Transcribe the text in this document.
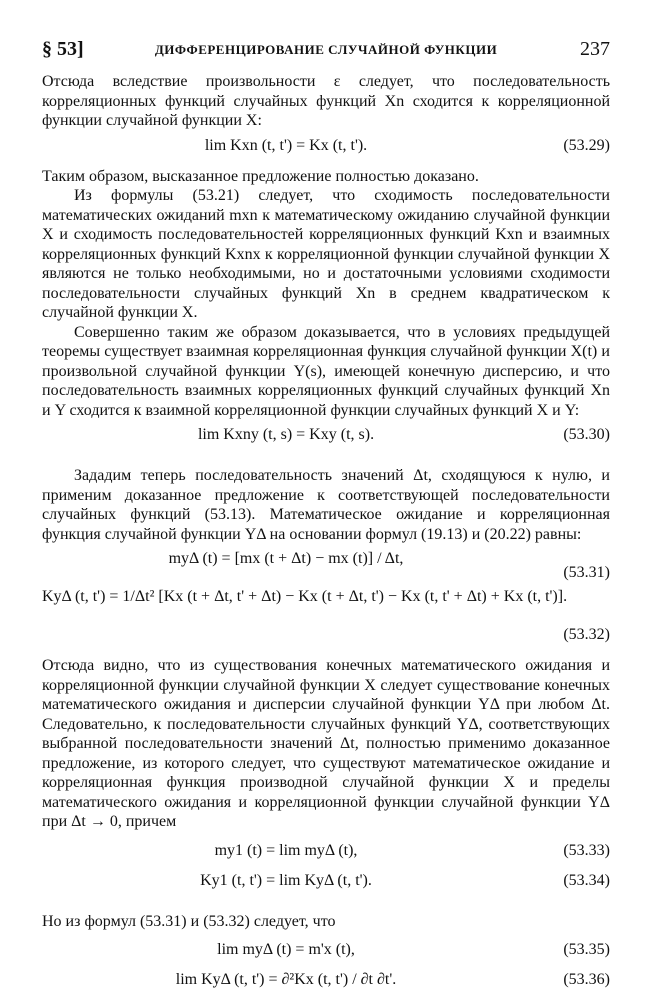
§ 53]	ДИФФЕРЕНЦИРОВАНИЕ СЛУЧАЙНОЙ ФУНКЦИИ	237

Отсюда вследствие произвольности ε следует, что последовательность корреляционных функций случайных функций Xn сходится к корреляционной функции случайной функции X:

lim Kxn (t, t') = Kx (t, t').	(53.29)

Таким образом, высказанное предложение полностью доказано.

Из формулы (53.21) следует, что сходимость последовательности математических ожиданий mxn к математическому ожиданию случайной функции X и сходимость последовательностей корреляционных функций Kxn и взаимных корреляционных функций Kxnx к корреляционной функции случайной функции X являются не только необходимыми, но и достаточными условиями сходимости последовательности случайных функций Xn в среднем квадратическом к случайной функции X.

Совершенно таким же образом доказывается, что в условиях предыдущей теоремы существует взаимная корреляционная функция случайной функции X(t) и произвольной случайной функции Y(s), имеющей конечную дисперсию, и что последовательность взаимных корреляционных функций случайных функций Xn и Y сходится к взаимной корреляционной функции случайных функций X и Y:

lim Kxny (t, s) = Kxy (t, s).	(53.30)

Зададим теперь последовательность значений Δt, сходящуюся к нулю, и применим доказанное предложение к соответствующей последовательности случайных функций (53.13). Математическое ожидание и корреляционная функция случайной функции YΔ на основании формул (19.13) и (20.22) равны:

myΔ (t) = [mx (t + Δt) − mx (t)] / Δt,
(53.31)
KyΔ (t, t') = 1/Δt² [Kx (t + Δt, t' + Δt) − Kx (t + Δt, t') − Kx (t, t' + Δt) + Kx (t, t')].
(53.32)

Отсюда видно, что из существования конечных математического ожидания и корреляционной функции случайной функции X следует существование конечных математического ожидания и дисперсии случайной функции YΔ при любом Δt. Следовательно, к последовательности случайных функций YΔ, соответствующих выбранной последовательности значений Δt, полностью применимо доказанное предложение, из которого следует, что существуют математическое ожидание и корреляционная функция производной случайной функции X и пределы математического ожидания и корреляционной функции случайной функции YΔ при Δt → 0, причем

my1 (t) = lim myΔ (t),	(53.33)
Ky1 (t, t') = lim KyΔ (t, t').	(53.34)

Но из формул (53.31) и (53.32) следует, что

lim myΔ (t) = m'x (t),	(53.35)
lim KyΔ (t, t') = ∂²Kx (t, t') / ∂t ∂t'.	(53.36)
